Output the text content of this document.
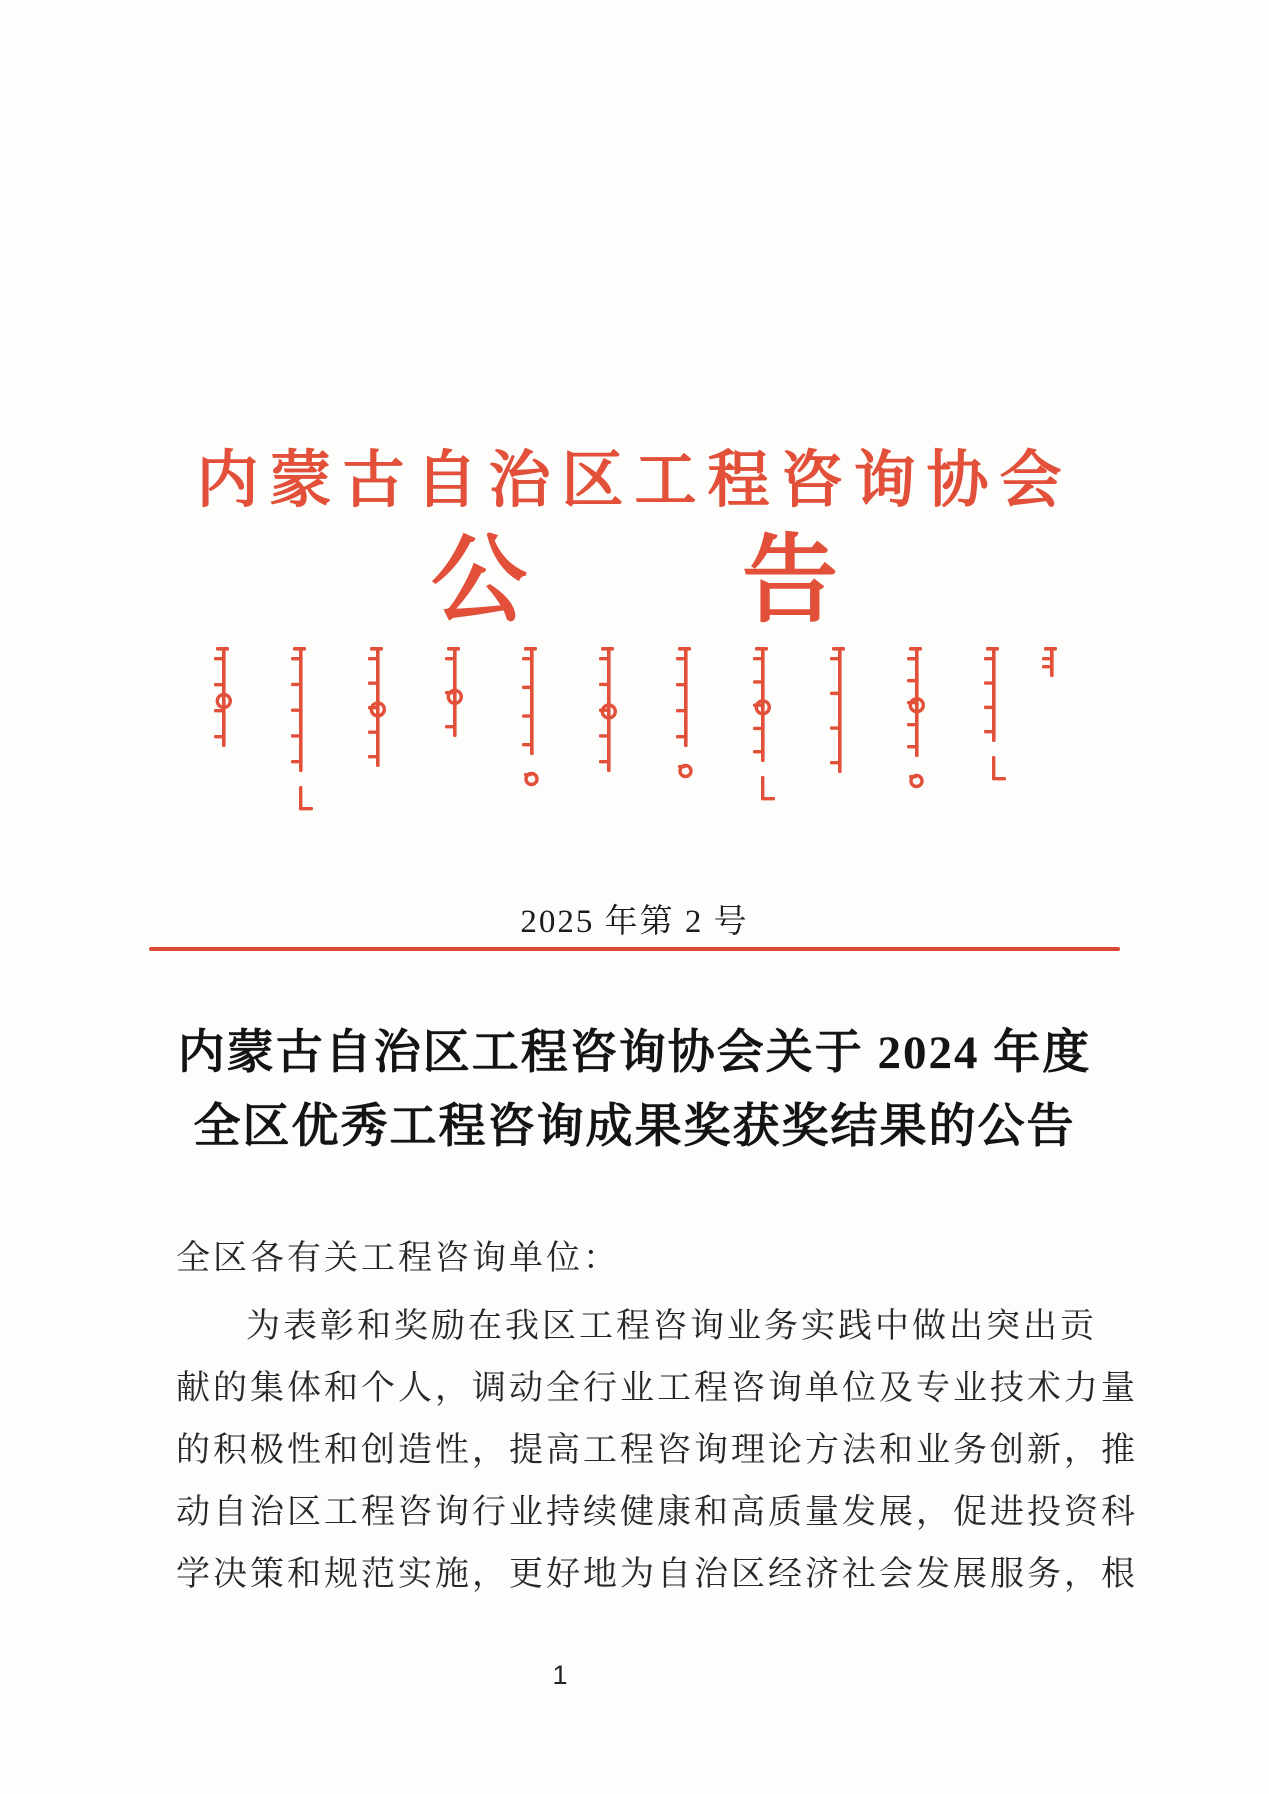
内蒙古自治区工程咨询协会
公 告
2025 年第 2 号
内蒙古自治区工程咨询协会关于 2024 年度
全区优秀工程咨询成果奖获奖结果的公告
全区各有关工程咨询单位：
为表彰和奖励在我区工程咨询业务实践中做出突出贡
献的集体和个人，调动全行业工程咨询单位及专业技术力量
的积极性和创造性，提高工程咨询理论方法和业务创新，推
动自治区工程咨询行业持续健康和高质量发展，促进投资科
学决策和规范实施，更好地为自治区经济社会发展服务，根
1
